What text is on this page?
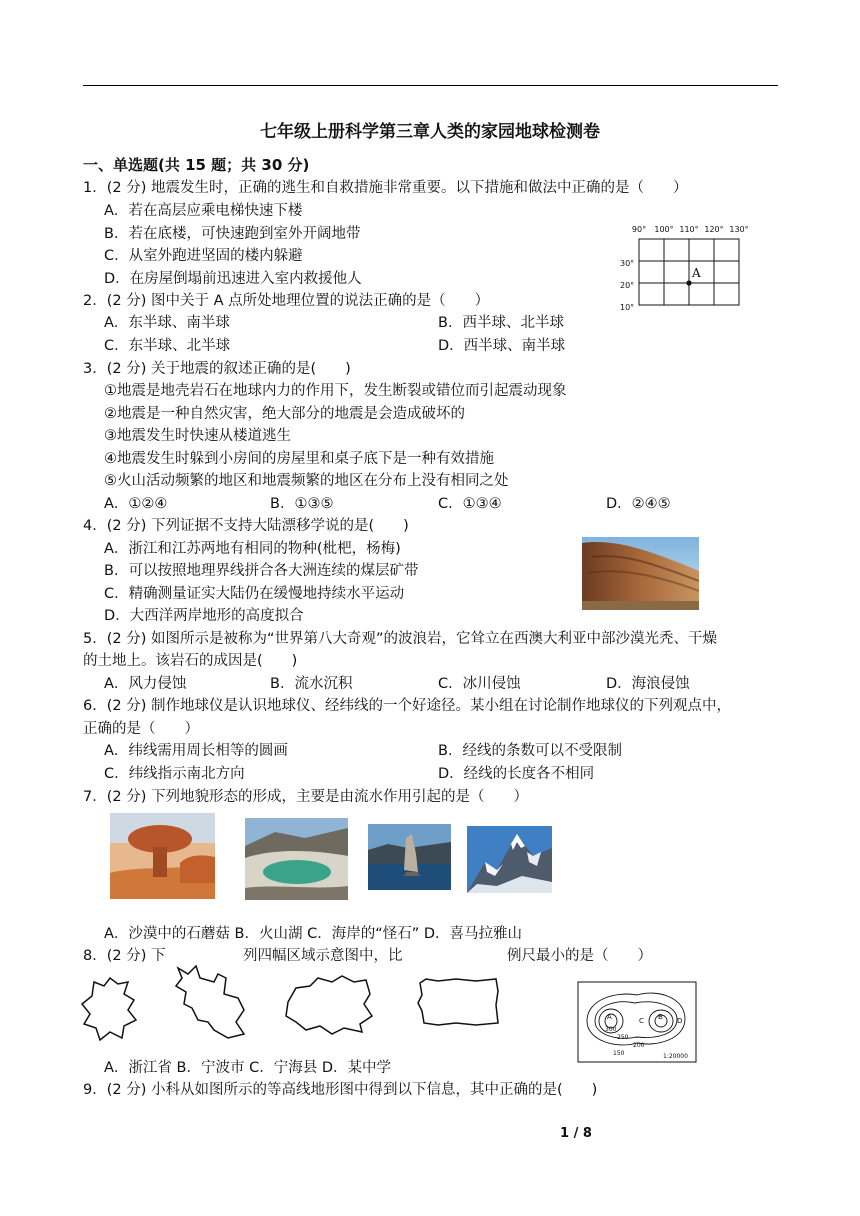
七年级上册科学第三章人类的家园地球检测卷
一、单选题(共 15 题；共 30 分)
1．(2 分) 地震发生时，正确的逃生和自救措施非常重要。以下措施和做法中正确的是（　　）
A．若在高层应乘电梯快速下楼
B．若在底楼，可快速跑到室外开阔地带
C．从室外跑进坚固的楼内躲避
D．在房屋倒塌前迅速进入室内救援他人
90° 100° 110° 120° 130°
30°
20°
10°
A
2．(2 分) 图中关于 A 点所处地理位置的说法正确的是（　　）
A．东半球、南半球	B．西半球、北半球
C．东半球、北半球	D．西半球、南半球
3．(2 分) 关于地震的叙述正确的是(　　)
①地震是地壳岩石在地球内力的作用下，发生断裂或错位而引起震动现象
②地震是一种自然灾害，绝大部分的地震是会造成破坏的
③地震发生时快速从楼道逃生
④地震发生时躲到小房间的房屋里和桌子底下是一种有效措施
⑤火山活动频繁的地区和地震频繁的地区在分布上没有相同之处
A．①②④	B．①③⑤	C．①③④	D．②④⑤
4．(2 分) 下列证据不支持大陆漂移学说的是(　　)
A．浙江和江苏两地有相同的物种(枇杷，杨梅)
B．可以按照地理界线拼合各大洲连续的煤层矿带
C．精确测量证实大陆仍在缓慢地持续水平运动
D．大西洋两岸地形的高度拟合
5．(2 分) 如图所示是被称为“世界第八大奇观”的波浪岩，它耸立在西澳大利亚中部沙漠光秃、干燥
的土地上。该岩石的成因是(　　)
A．风力侵蚀	B．流水沉积	C．冰川侵蚀	D．海浪侵蚀
6．(2 分) 制作地球仪是认识地球仪、经纬线的一个好途径。某小组在讨论制作地球仪的下列观点中，
正确的是（　　）
A．纬线需用周长相等的圆画	B．经线的条数可以不受限制
C．纬线指示南北方向	D．经线的长度各不相同
7．(2 分) 下列地貌形态的形成，主要是由流水作用引起的是（　　）
A．沙漠中的石蘑菇 B．火山湖 C．海岸的“怪石” D．喜马拉雅山
8．(2 分) 下	列四幅区域示意图中，比	例尺最小的是（　　）
A	B
C	D
300
250
200
150	1:20000
A．浙江省 B．宁波市 C．宁海县 D．某中学
9．(2 分) 小科从如图所示的等高线地形图中得到以下信息，其中正确的是(　　)
1 / 8
